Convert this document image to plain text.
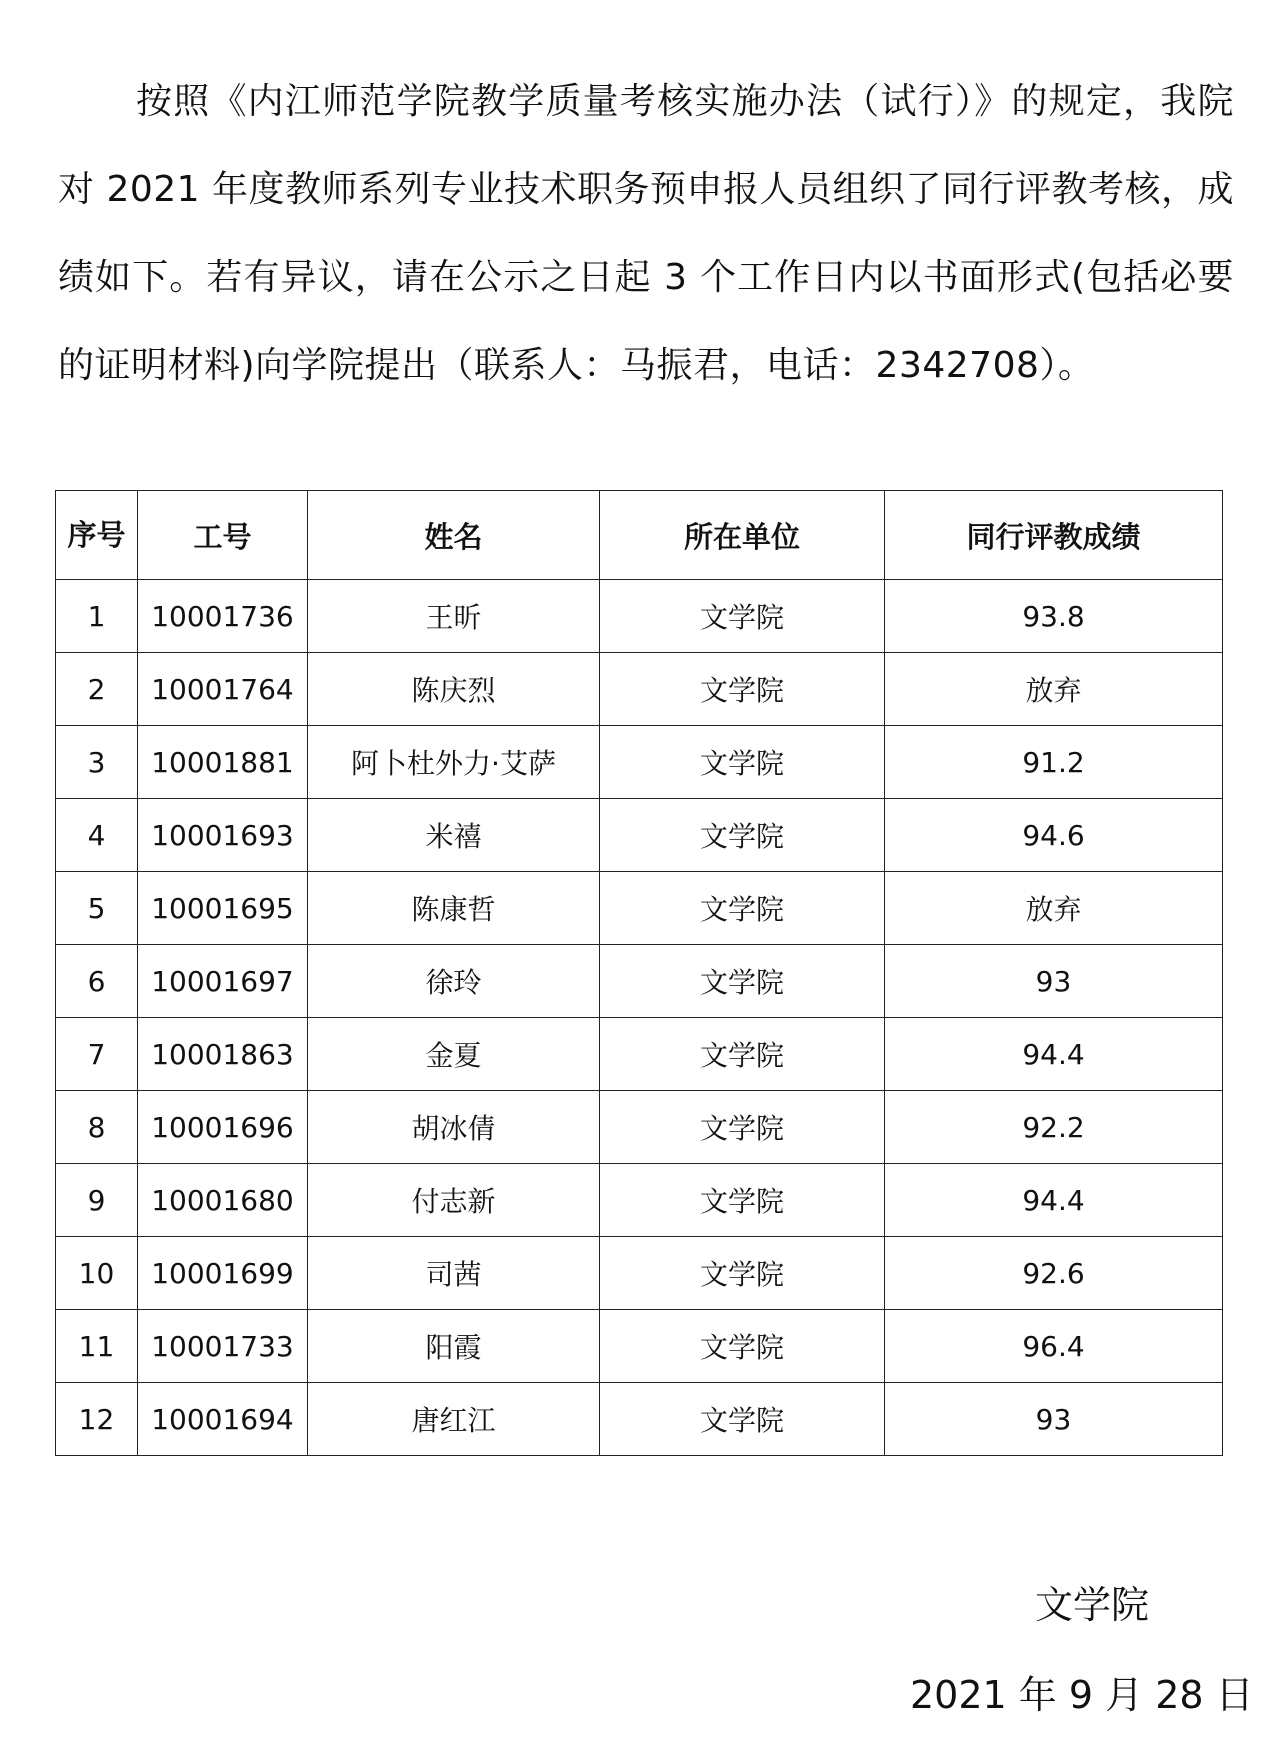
按照《内江师范学院教学质量考核实施办法（试行）》的规定，我院对 2021 年度教师系列专业技术职务预申报人员组织了同行评教考核，成绩如下。若有异议，请在公示之日起 3 个工作日内以书面形式(包括必要的证明材料)向学院提出（联系人：马振君，电话：2342708）。

序号	工号	姓名	所在单位	同行评教成绩
1	10001736	王昕	文学院	93.8
2	10001764	陈庆烈	文学院	放弃
3	10001881	阿卜杜外力·艾萨	文学院	91.2
4	10001693	米禧	文学院	94.6
5	10001695	陈康哲	文学院	放弃
6	10001697	徐玲	文学院	93
7	10001863	金夏	文学院	94.4
8	10001696	胡冰倩	文学院	92.2
9	10001680	付志新	文学院	94.4
10	10001699	司茜	文学院	92.6
11	10001733	阳霞	文学院	96.4
12	10001694	唐红江	文学院	93
文学院
2021 年 9 月 28 日
